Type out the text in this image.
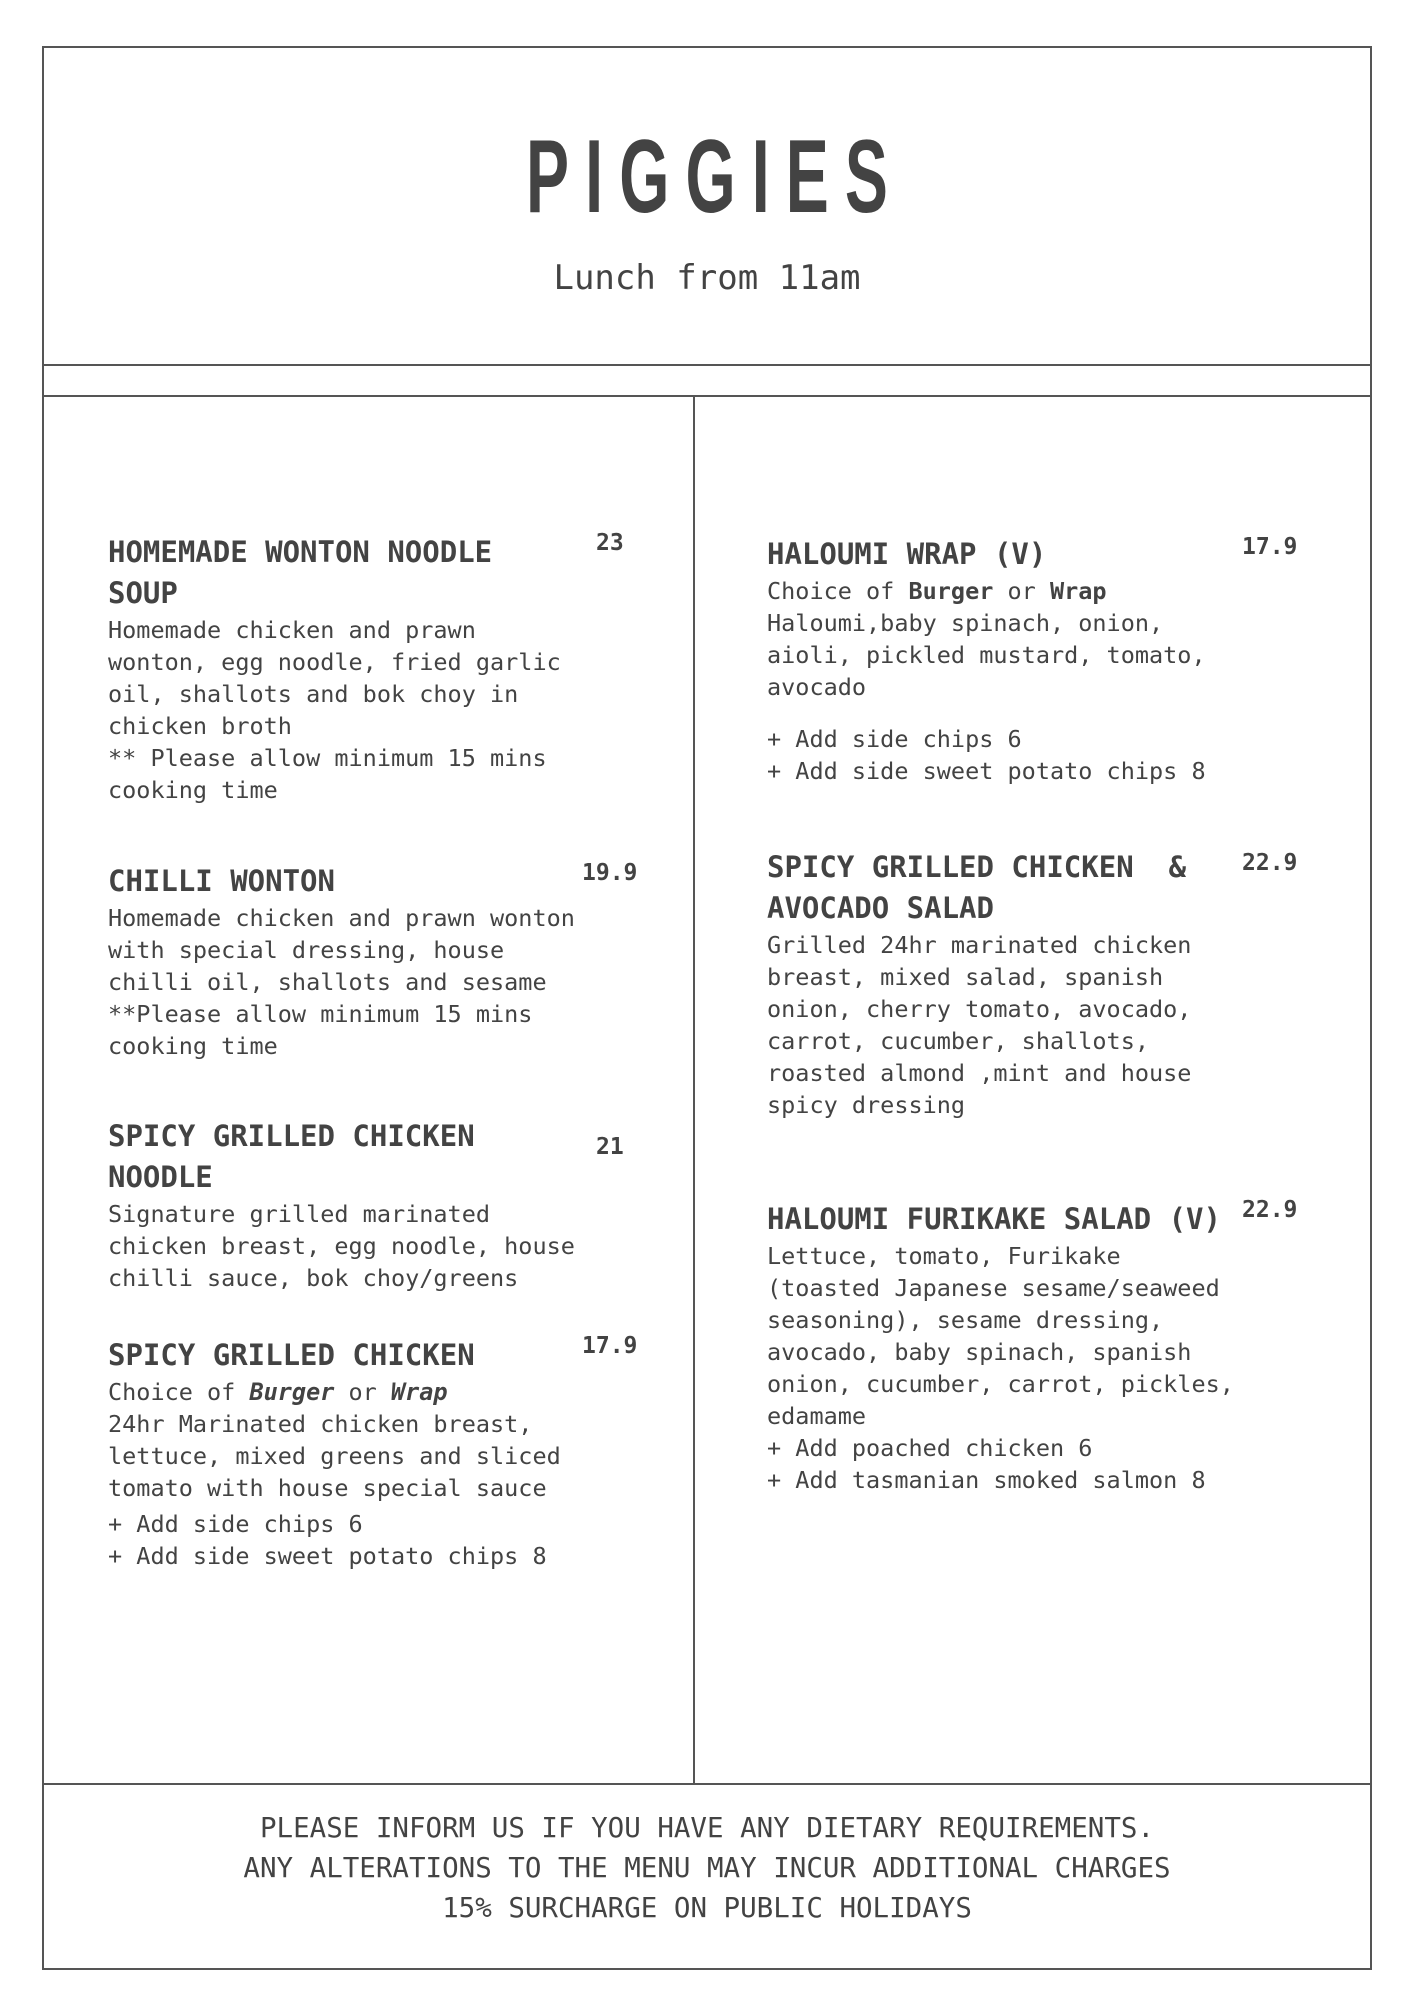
PIGGIES
Lunch from 11am
HOMEMADE WONTON NOODLE
SOUP
Homemade chicken and prawn
wonton, egg noodle, fried garlic
oil, shallots and bok choy in
chicken broth
** Please allow minimum 15 mins
cooking time
23
CHILLI WONTON
Homemade chicken and prawn wonton
with special dressing, house
chilli oil, shallots and sesame
**Please allow minimum 15 mins
cooking time
19.9
SPICY GRILLED CHICKEN
NOODLE
Signature grilled marinated
chicken breast, egg noodle, house
chilli sauce, bok choy/greens
21
SPICY GRILLED CHICKEN
Choice of Burger or Wrap
24hr Marinated chicken breast,
lettuce, mixed greens and sliced
tomato with house special sauce
+ Add side chips 6
+ Add side sweet potato chips 8
17.9
HALOUMI WRAP (V)
Choice of Burger or Wrap
Haloumi,baby spinach, onion,
aioli, pickled mustard, tomato,
avocado
+ Add side chips 6
+ Add side sweet potato chips 8
17.9
SPICY GRILLED CHICKEN  &
AVOCADO SALAD
Grilled 24hr marinated chicken
breast, mixed salad, spanish
onion, cherry tomato, avocado,
carrot, cucumber, shallots,
roasted almond ,mint and house
spicy dressing
22.9
HALOUMI FURIKAKE SALAD (V)
Lettuce, tomato, Furikake
(toasted Japanese sesame/seaweed
seasoning), sesame dressing,
avocado, baby spinach, spanish
onion, cucumber, carrot, pickles,
edamame
+ Add poached chicken 6
+ Add tasmanian smoked salmon 8
22.9
PLEASE INFORM US IF YOU HAVE ANY DIETARY REQUIREMENTS.
ANY ALTERATIONS TO THE MENU MAY INCUR ADDITIONAL CHARGES
15% SURCHARGE ON PUBLIC HOLIDAYS
